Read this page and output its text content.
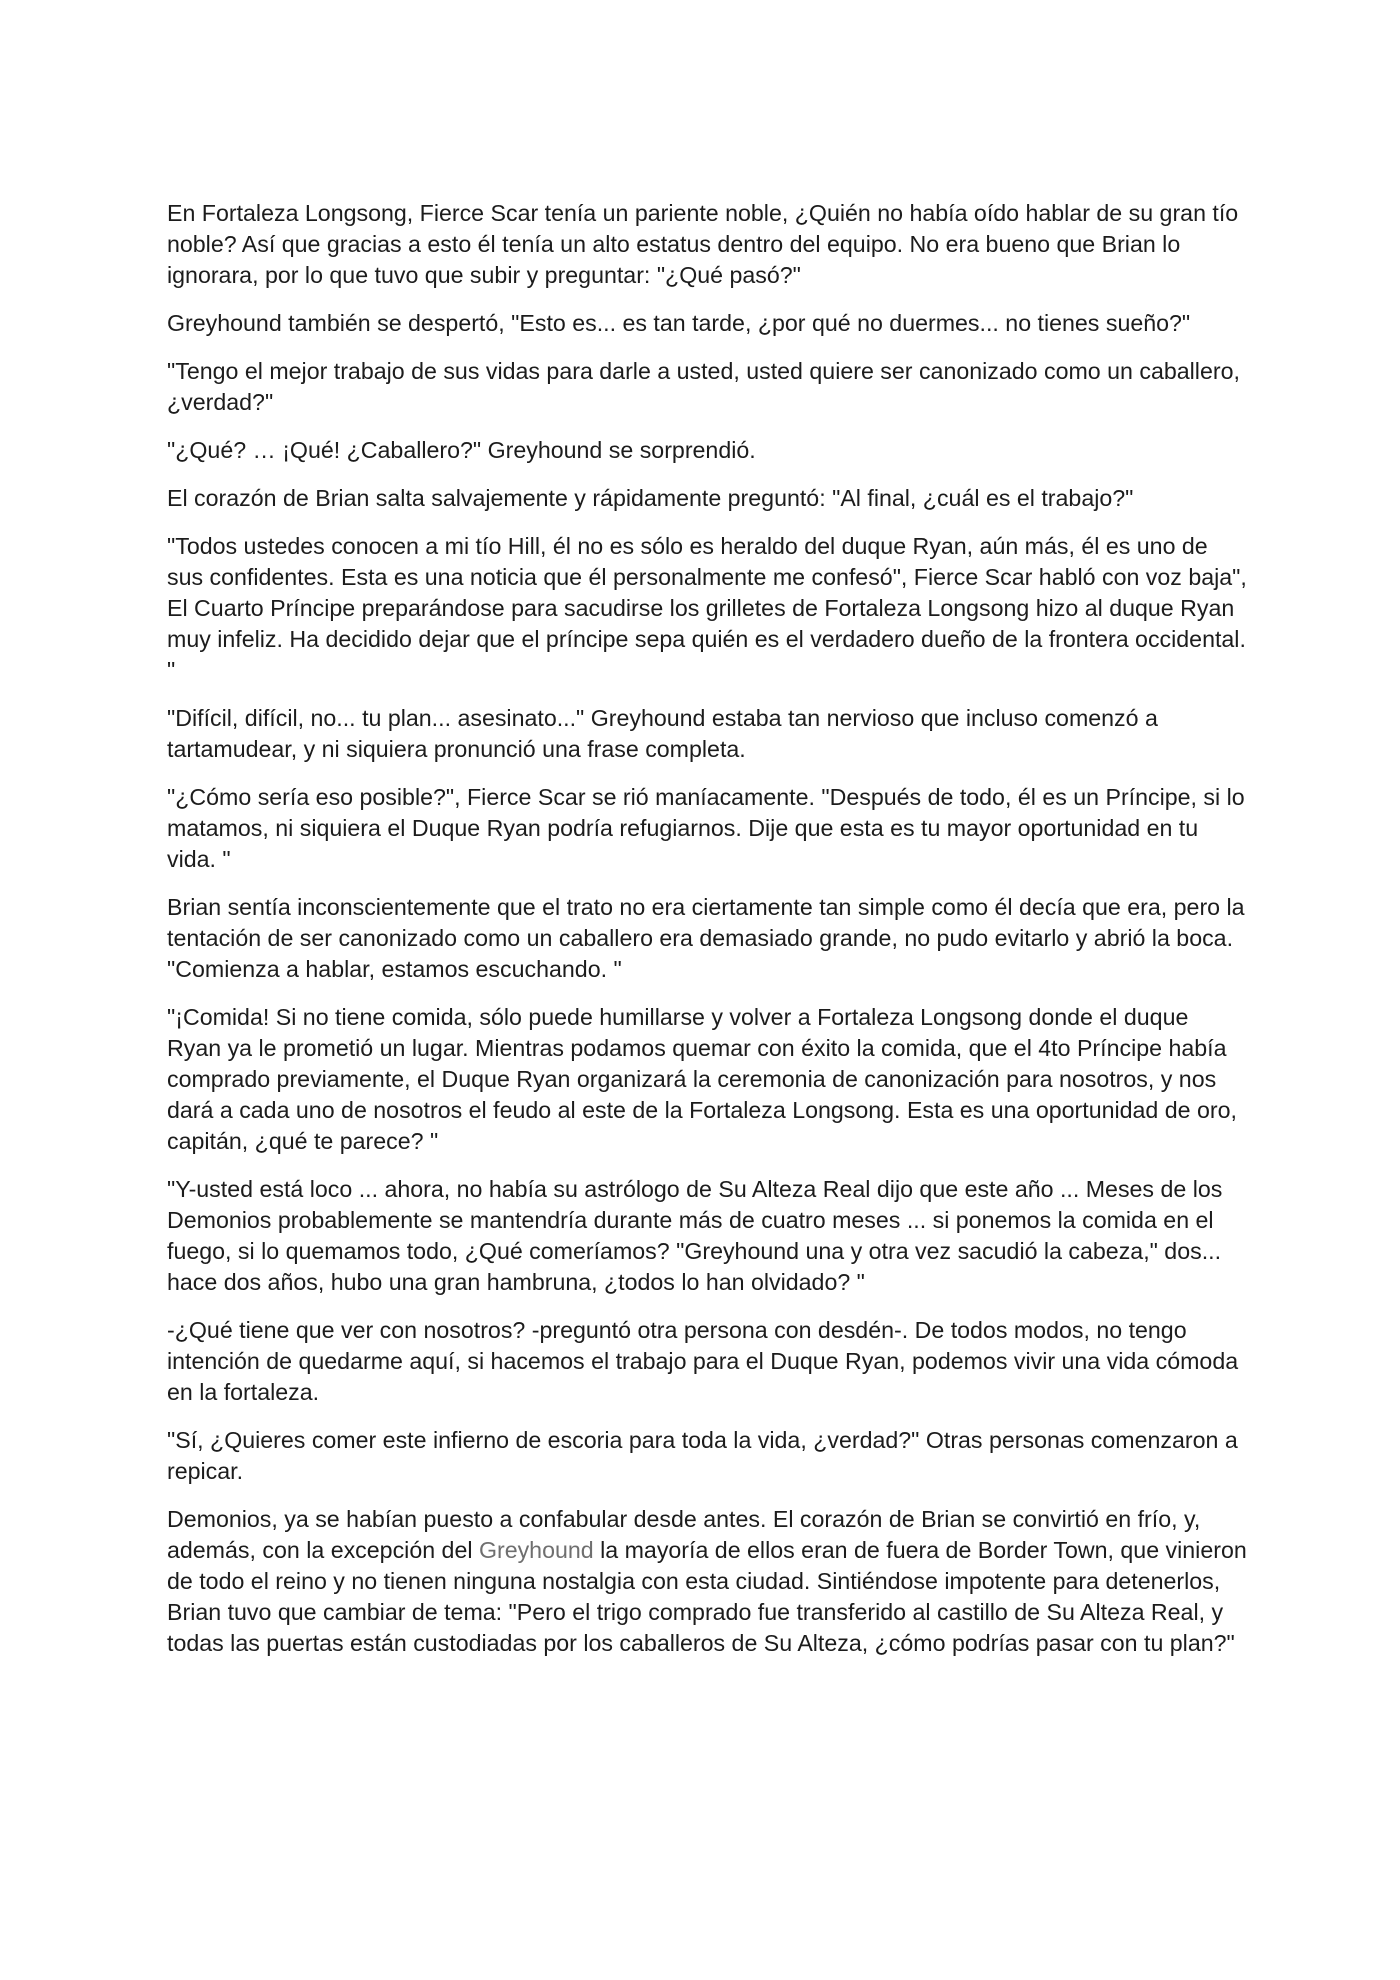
En Fortaleza Longsong, Fierce Scar tenía un pariente noble, ¿Quién no había oído hablar de su gran tío noble? Así que gracias a esto él tenía un alto estatus dentro del equipo. No era bueno que Brian lo ignorara, por lo que tuvo que subir y preguntar: "¿Qué pasó?"

Greyhound también se despertó, "Esto es... es tan tarde, ¿por qué no duermes... no tienes sueño?"

"Tengo el mejor trabajo de sus vidas para darle a usted, usted quiere ser canonizado como un caballero, ¿verdad?"

"¿Qué? … ¡Qué! ¿Caballero?" Greyhound se sorprendió.

El corazón de Brian salta salvajemente y rápidamente preguntó: "Al final, ¿cuál es el trabajo?"

"Todos ustedes conocen a mi tío Hill, él no es sólo es heraldo del duque Ryan, aún más, él es uno de sus confidentes. Esta es una noticia que él personalmente me confesó", Fierce Scar habló con voz baja", El Cuarto Príncipe preparándose para sacudirse los grilletes de Fortaleza Longsong hizo al duque Ryan muy infeliz. Ha decidido dejar que el príncipe sepa quién es el verdadero dueño de la frontera occidental. "

"Difícil, difícil, no... tu plan... asesinato..." Greyhound estaba tan nervioso que incluso comenzó a tartamudear, y ni siquiera pronunció una frase completa.

"¿Cómo sería eso posible?", Fierce Scar se rió maníacamente. "Después de todo, él es un Príncipe, si lo matamos, ni siquiera el Duque Ryan podría refugiarnos. Dije que esta es tu mayor oportunidad en tu vida. "

Brian sentía inconscientemente que el trato no era ciertamente tan simple como él decía que era, pero la tentación de ser canonizado como un caballero era demasiado grande, no pudo evitarlo y abrió la boca. "Comienza a hablar, estamos escuchando. "

"¡Comida! Si no tiene comida, sólo puede humillarse y volver a Fortaleza Longsong donde el duque Ryan ya le prometió un lugar. Mientras podamos quemar con éxito la comida, que el 4to Príncipe había comprado previamente, el Duque Ryan organizará la ceremonia de canonización para nosotros, y nos dará a cada uno de nosotros el feudo al este de la Fortaleza Longsong. Esta es una oportunidad de oro, capitán, ¿qué te parece? "

"Y-usted está loco ... ahora, no había su astrólogo de Su Alteza Real dijo que este año ... Meses de los Demonios probablemente se mantendría durante más de cuatro meses ... si ponemos la comida en el fuego, si lo quemamos todo, ¿Qué comeríamos? "Greyhound una y otra vez sacudió la cabeza," dos... hace dos años, hubo una gran hambruna, ¿todos lo han olvidado? "

-¿Qué tiene que ver con nosotros? -preguntó otra persona con desdén-. De todos modos, no tengo intención de quedarme aquí, si hacemos el trabajo para el Duque Ryan, podemos vivir una vida cómoda en la fortaleza.

"Sí, ¿Quieres comer este infierno de escoria para toda la vida, ¿verdad?" Otras personas comenzaron a repicar.

Demonios, ya se habían puesto a confabular desde antes. El corazón de Brian se convirtió en frío, y, además, con la excepción del Greyhound la mayoría de ellos eran de fuera de Border Town, que vinieron de todo el reino y no tienen ninguna nostalgia con esta ciudad. Sintiéndose impotente para detenerlos, Brian tuvo que cambiar de tema: "Pero el trigo comprado fue transferido al castillo de Su Alteza Real, y todas las puertas están custodiadas por los caballeros de Su Alteza, ¿cómo podrías pasar con tu plan?"
